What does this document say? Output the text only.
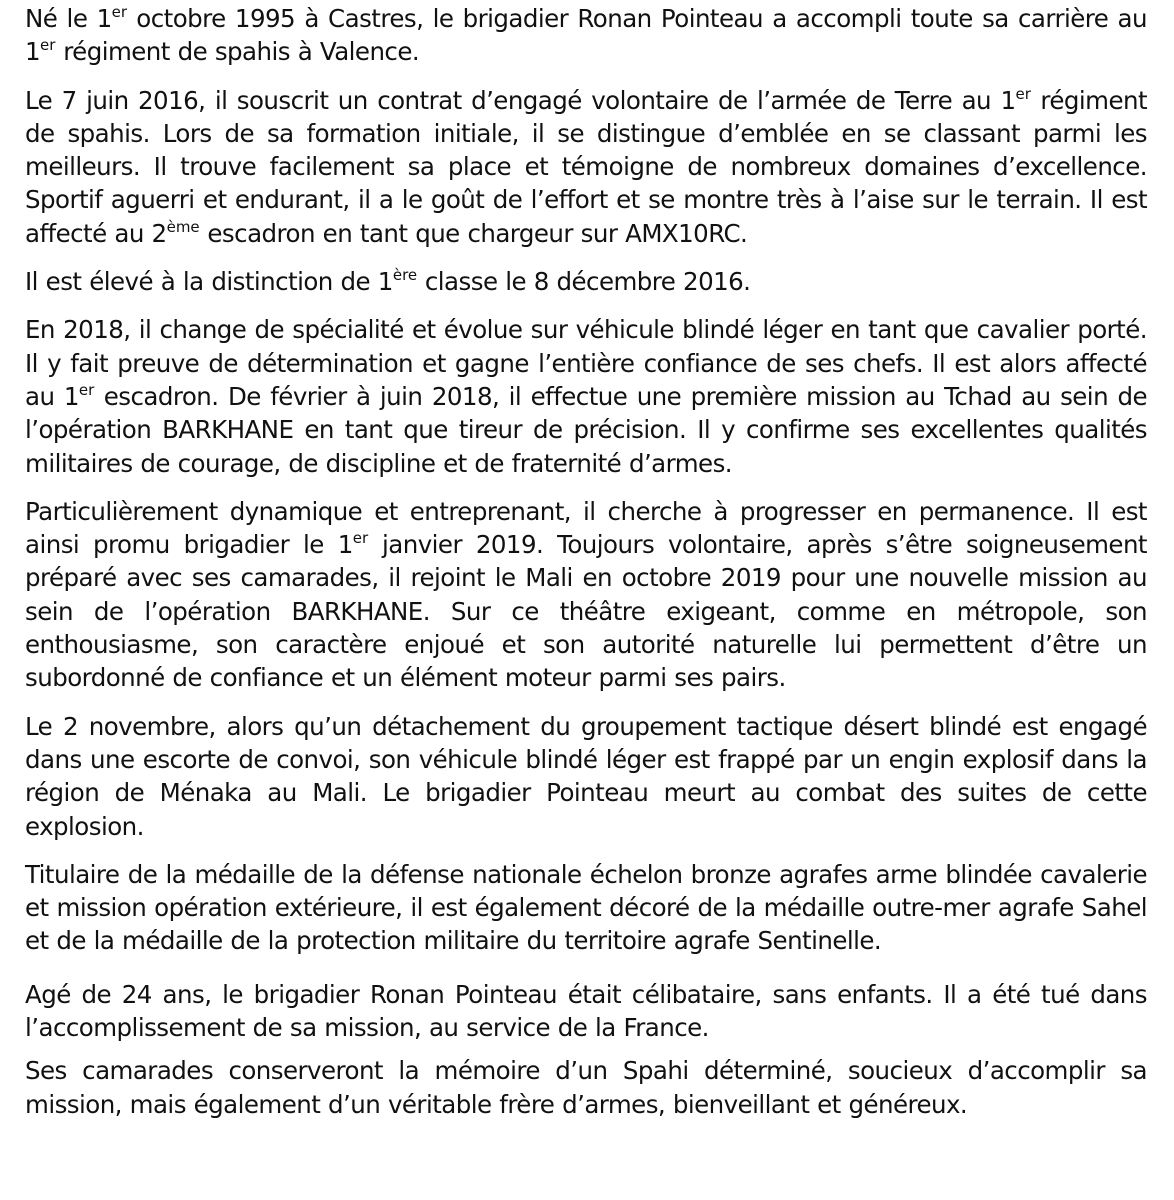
Né le 1er octobre 1995 à Castres, le brigadier Ronan Pointeau a accompli toute sa carrière au 1er régiment de spahis à Valence.

Le 7 juin 2016, il souscrit un contrat d’engagé volontaire de l’armée de Terre au 1er régiment de spahis. Lors de sa formation initiale, il se distingue d’emblée en se classant parmi les meilleurs. Il trouve facilement sa place et témoigne de nombreux domaines d’excellence. Sportif aguerri et endurant, il a le goût de l’effort et se montre très à l’aise sur le terrain. Il est affecté au 2ème escadron en tant que chargeur sur AMX10RC.

Il est élevé à la distinction de 1ère classe le 8 décembre 2016.

En 2018, il change de spécialité et évolue sur véhicule blindé léger en tant que cavalier porté. Il y fait preuve de détermination et gagne l’entière confiance de ses chefs. Il est alors affecté au 1er escadron. De février à juin 2018, il effectue une première mission au Tchad au sein de l’opération BARKHANE en tant que tireur de précision. Il y confirme ses excellentes qualités militaires de courage, de discipline et de fraternité d’armes.

Particulièrement dynamique et entreprenant, il cherche à progresser en permanence. Il est ainsi promu brigadier le 1er janvier 2019. Toujours volontaire, après s’être soigneusement préparé avec ses camarades, il rejoint le Mali en octobre 2019 pour une nouvelle mission au sein de l’opération BARKHANE. Sur ce théâtre exigeant, comme en métropole, son enthousiasme, son caractère enjoué et son autorité naturelle lui permettent d’être un subordonné de confiance et un élément moteur parmi ses pairs.

Le 2 novembre, alors qu’un détachement du groupement tactique désert blindé est engagé dans une escorte de convoi, son véhicule blindé léger est frappé par un engin explosif dans la région de Ménaka au Mali. Le brigadier Pointeau meurt au combat des suites de cette explosion.

Titulaire de la médaille de la défense nationale échelon bronze agrafes arme blindée cavalerie et mission opération extérieure, il est également décoré de la médaille outre-mer agrafe Sahel et de la médaille de la protection militaire du territoire agrafe Sentinelle.

Agé de 24 ans, le brigadier Ronan Pointeau était célibataire, sans enfants. Il a été tué dans l’accomplissement de sa mission, au service de la France.

Ses camarades conserveront la mémoire d’un Spahi déterminé, soucieux d’accomplir sa mission, mais également d’un véritable frère d’armes, bienveillant et généreux.
